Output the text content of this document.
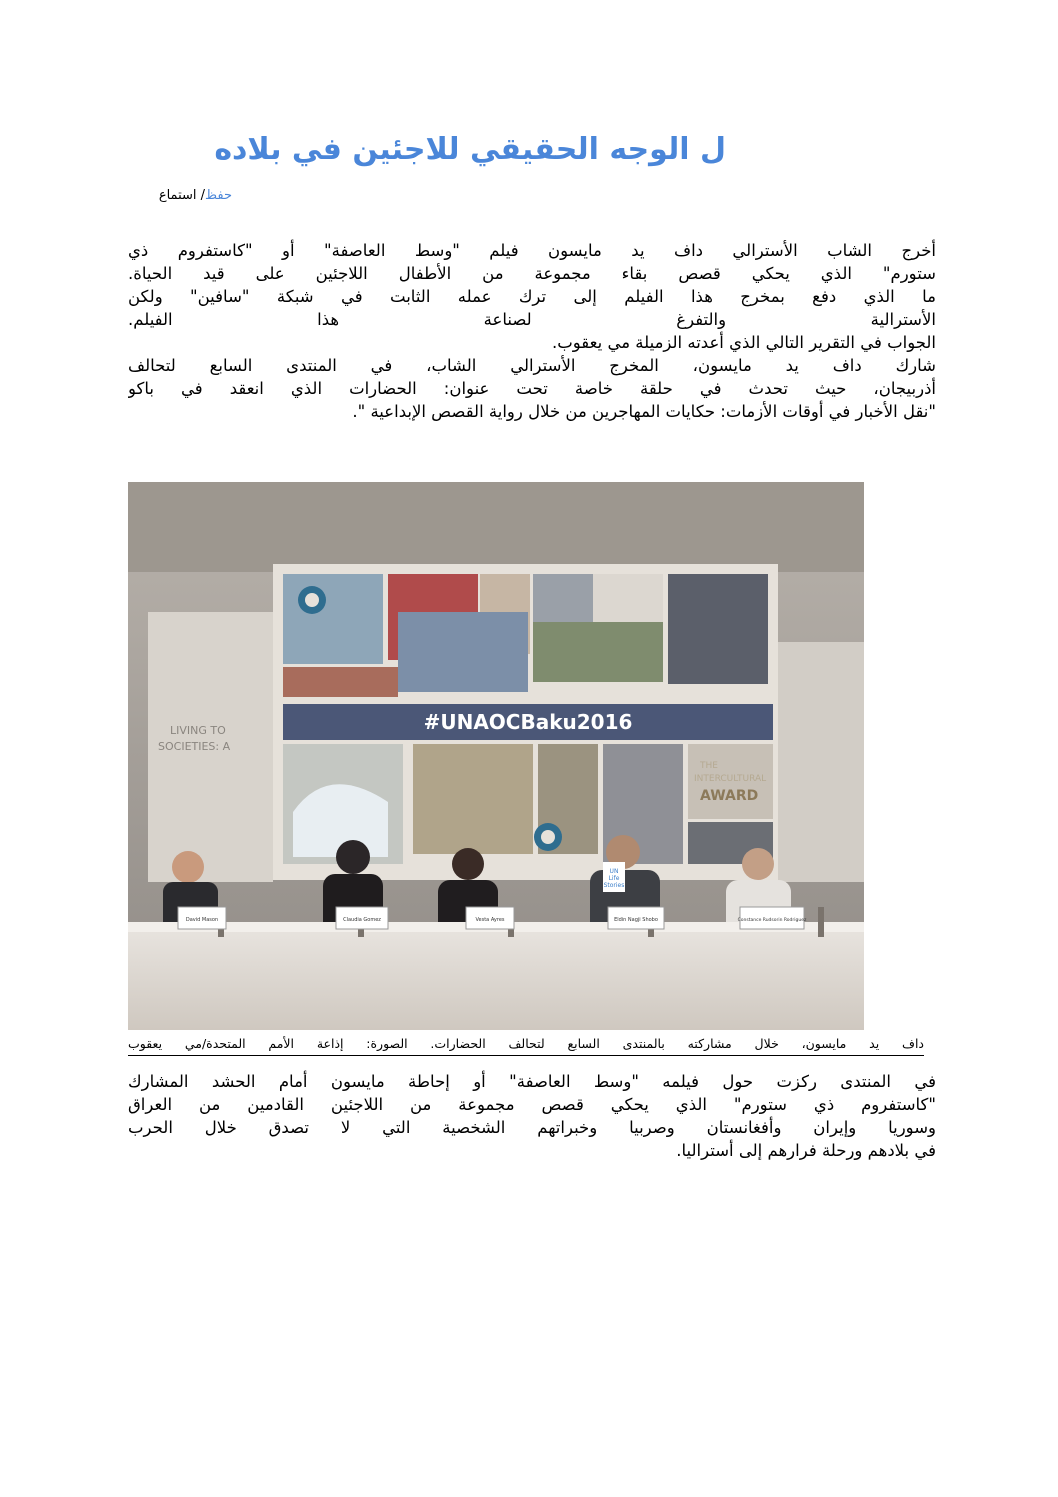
ل الوجه الحقيقي للاجئين في بلاده
حفظ/ استماع
أخرج الشاب الأسترالي داف يد مايسون فيلم "وسط العاصفة" أو "كاستفروم ذي
ستورم" الذي يحكي قصص بقاء مجموعة من الأطفال اللاجئين على قيد الحياة.
ما الذي دفع بمخرج هذا الفيلم إلى ترك عمله الثابت في شبكة "سافين" ولكن
الأسترالية والتفرغ لصناعة هذا الفيلم.
الجواب في التقرير التالي الذي أعدته الزميلة مي يعقوب.
شارك داف يد مايسون، المخرج الأسترالي الشاب، في المنتدى السابع لتحالف
أذربيجان، حيث تحدث في حلقة خاصة تحت عنوان: الحضارات الذي انعقد في باكو
"نقل الأخبار في أوقات الأزمات: حكايات المهاجرين من خلال رواية القصص الإبداعية ".
LIVING TO
SOCIETIES: A
#UNAOCBaku2016
THE
INTERCULTURAL
AWARD
UN
Life
Stories
David Mason	Claudia Gomez	Vesta Ayres	Eldin Nagji Shobo	Constance Rudsorin Rodriguez
داف يد مايسون، خلال مشاركته بالمنتدى السابع لتحالف الحضارات. الصورة: إذاعة الأمم المتحدة/مي يعقوب
في المنتدى ركزت حول فيلمه "وسط العاصفة" أو إحاطة مايسون أمام الحشد المشارك
"كاستفروم ذي ستورم" الذي يحكي قصص مجموعة من اللاجئين القادمين من العراق
وسوريا وإيران وأفغانستان وصربيا وخبراتهم الشخصية التي لا تصدق خلال الحرب
في بلادهم ورحلة فرارهم إلى أستراليا.
